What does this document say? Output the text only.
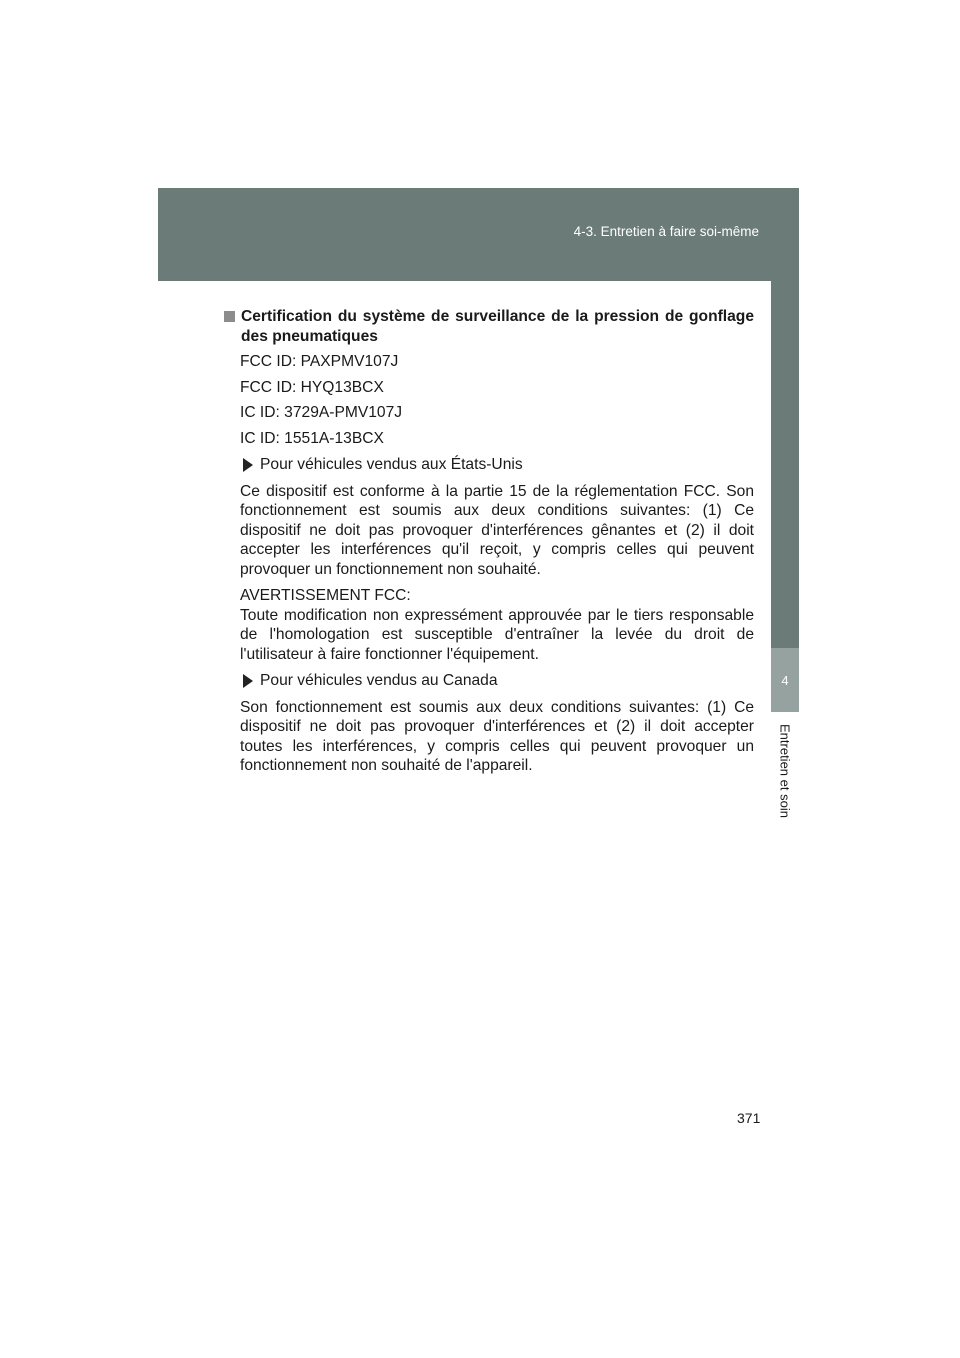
4-3. Entretien à faire soi-même
4
Entretien et soin
Certification du système de surveillance de la pression de gonflage des pneumatiques
FCC ID: PAXPMV107J
FCC ID: HYQ13BCX
IC ID: 3729A-PMV107J
IC ID: 1551A-13BCX
Pour véhicules vendus aux États-Unis

Ce dispositif est conforme à la partie 15 de la réglementation FCC. Son fonctionnement est soumis aux deux conditions suivantes: (1) Ce dispositif ne doit pas provoquer d'interférences gênantes et (2) il doit accepter les interférences qu'il reçoit, y compris celles qui peuvent provoquer un fonctionnement non souhaité.

AVERTISSEMENT FCC:
Toute modification non expressément approuvée par le tiers responsable de l'homologation est susceptible d'entraîner la levée du droit de l'utilisateur à faire fonctionner l'équipement.

Pour véhicules vendus au Canada

Son fonctionnement est soumis aux deux conditions suivantes: (1) Ce dispositif ne doit pas provoquer d'interférences et (2) il doit accepter toutes les interférences, y compris celles qui peuvent provoquer un fonctionnement non souhaité de l'appareil.

371
